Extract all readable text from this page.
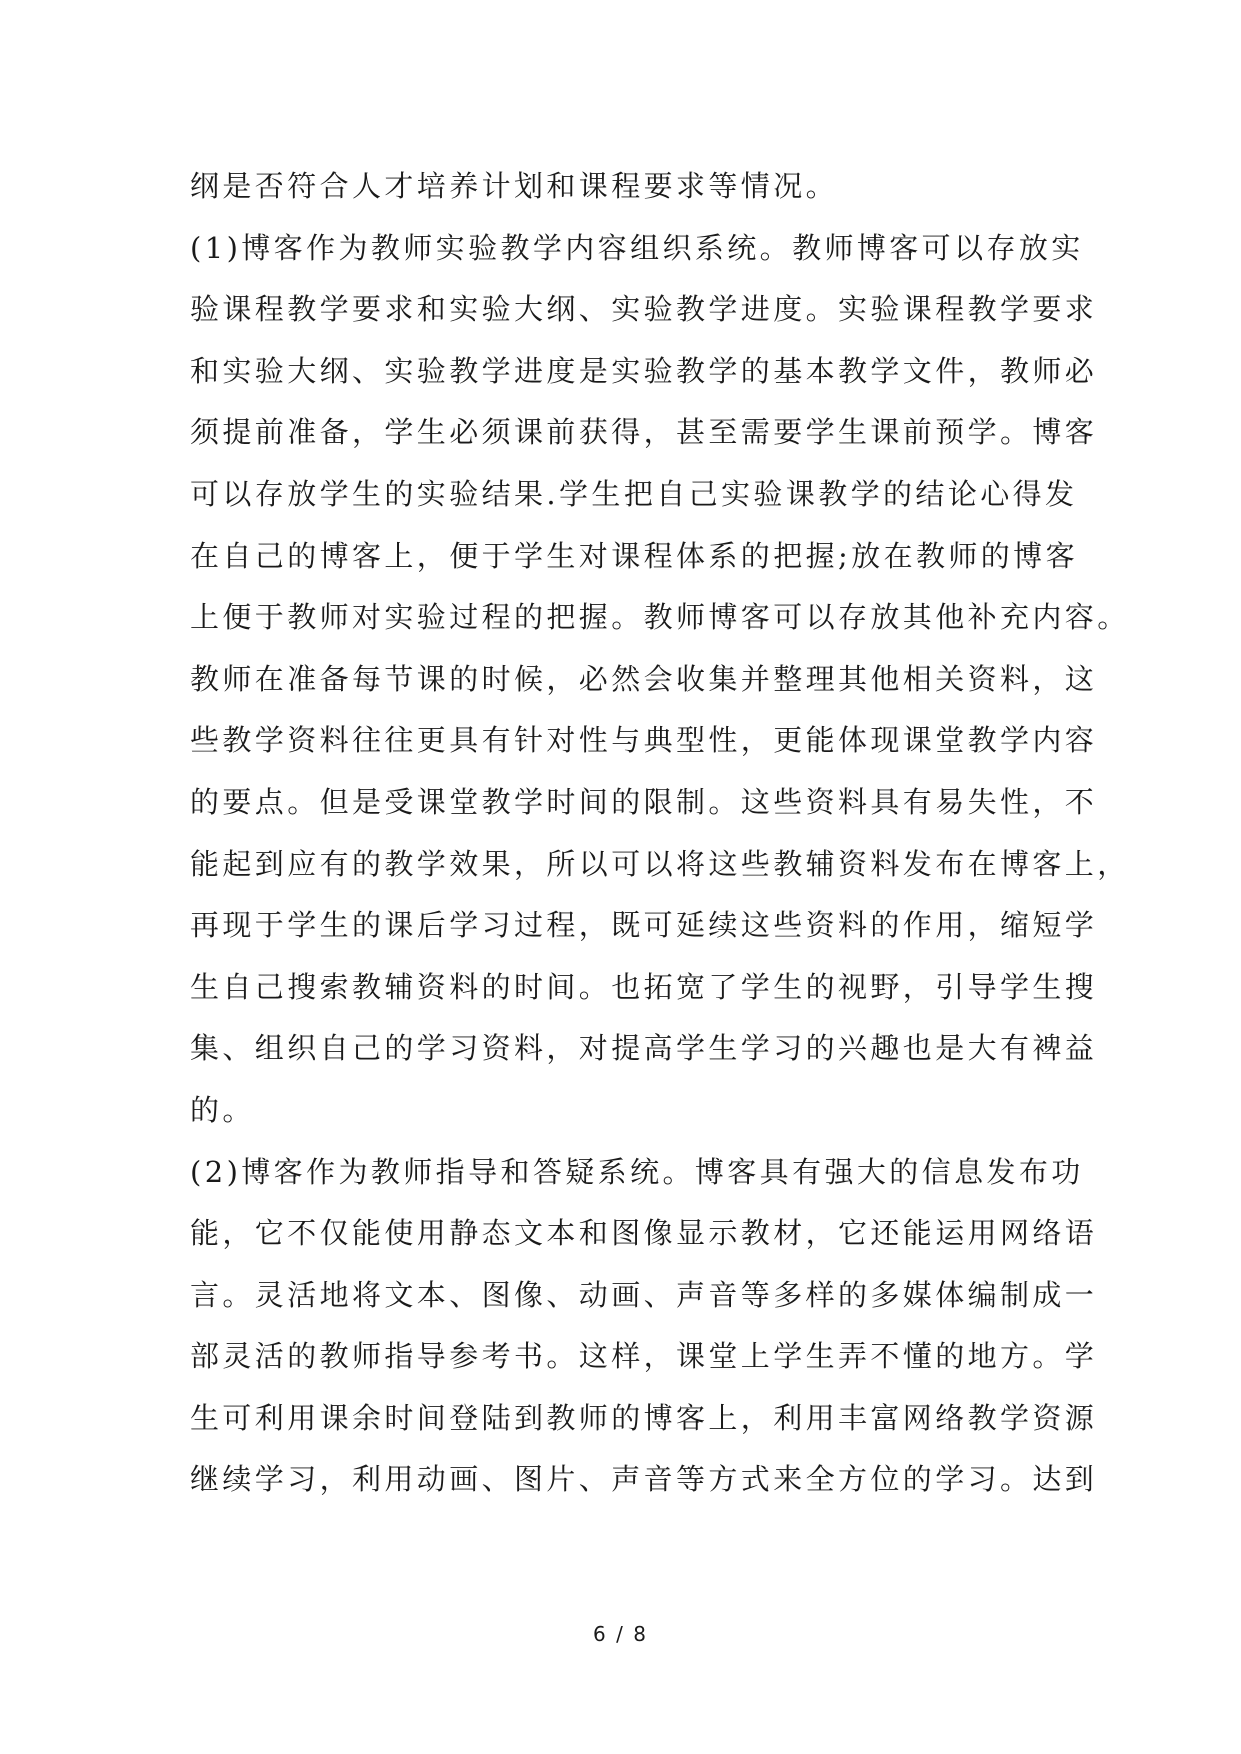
纲是否符合人才培养计划和课程要求等情况。
(1)博客作为教师实验教学内容组织系统。教师博客可以存放实
验课程教学要求和实验大纲、实验教学进度。实验课程教学要求
和实验大纲、实验教学进度是实验教学的基本教学文件，教师必
须提前准备，学生必须课前获得，甚至需要学生课前预学。博客
可以存放学生的实验结果.学生把自己实验课教学的结论心得发
在自己的博客上，便于学生对课程体系的把握;放在教师的博客
上便于教师对实验过程的把握。教师博客可以存放其他补充内容。
教师在准备每节课的时候，必然会收集并整理其他相关资料，这
些教学资料往往更具有针对性与典型性，更能体现课堂教学内容
的要点。但是受课堂教学时间的限制。这些资料具有易失性，不
能起到应有的教学效果，所以可以将这些教辅资料发布在博客上，
再现于学生的课后学习过程，既可延续这些资料的作用，缩短学
生自己搜索教辅资料的时间。也拓宽了学生的视野，引导学生搜
集、组织自己的学习资料，对提高学生学习的兴趣也是大有裨益
的。
(2)博客作为教师指导和答疑系统。博客具有强大的信息发布功
能，它不仅能使用静态文本和图像显示教材，它还能运用网络语
言。灵活地将文本、图像、动画、声音等多样的多媒体编制成一
部灵活的教师指导参考书。这样，课堂上学生弄不懂的地方。学
生可利用课余时间登陆到教师的博客上，利用丰富网络教学资源
继续学习，利用动画、图片、声音等方式来全方位的学习。达到
6 / 8
